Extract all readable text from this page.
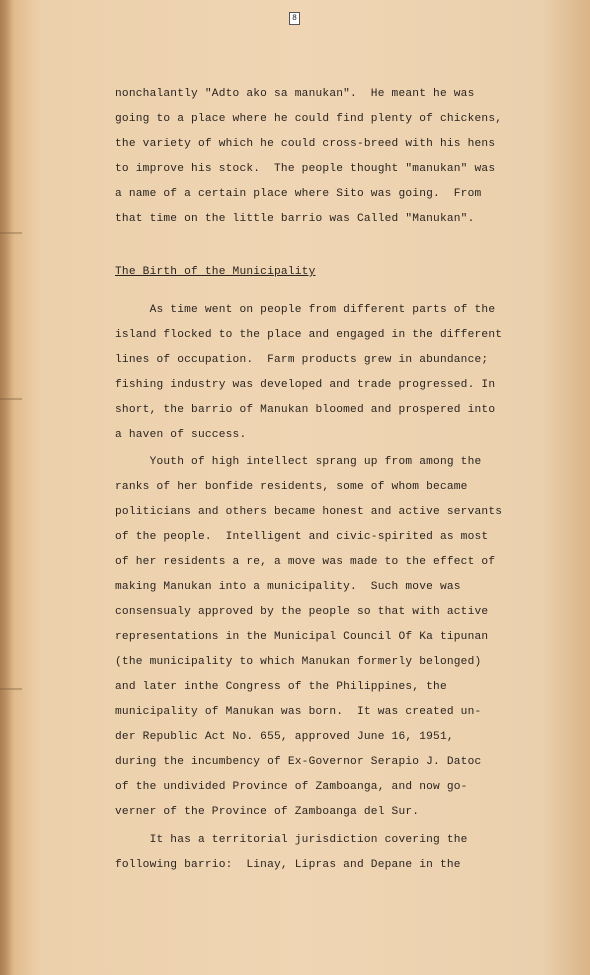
8

nonchalantly "Adto ako sa manukan".  He meant he was

going to a place where he could find plenty of chickens,

the variety of which he could cross-breed with his hens

to improve his stock.  The people thought "manukan" was

a name of a certain place where Sito was going.  From

that time on the little barrio was Called "Manukan".

The Birth of the Municipality

As time went on people from different parts of the

island flocked to the place and engaged in the different

lines of occupation.  Farm products grew in abundance;

fishing industry was developed and trade progressed. In

short, the barrio of Manukan bloomed and prospered into

a haven of success.

Youth of high intellect sprang up from among the

ranks of her bonfide residents, some of whom became

politicians and others became honest and active servants

of the people.  Intelligent and civic-spirited as most

of her residents a re, a move was made to the effect of

making Manukan into a municipality.  Such move was

consensualy approved by the people so that with active

representations in the Municipal Council Of Ka tipunan

(the municipality to which Manukan formerly belonged)

and later inthe Congress of the Philippines, the

municipality of Manukan was born.  It was created un-

der Republic Act No. 655, approved June 16, 1951,

during the incumbency of Ex-Governor Serapio J. Datoc

of the undivided Province of Zamboanga, and now go-

verner of the Province of Zamboanga del Sur.

It has a territorial jurisdiction covering the

following barrio:  Linay, Lipras and Depane in the
